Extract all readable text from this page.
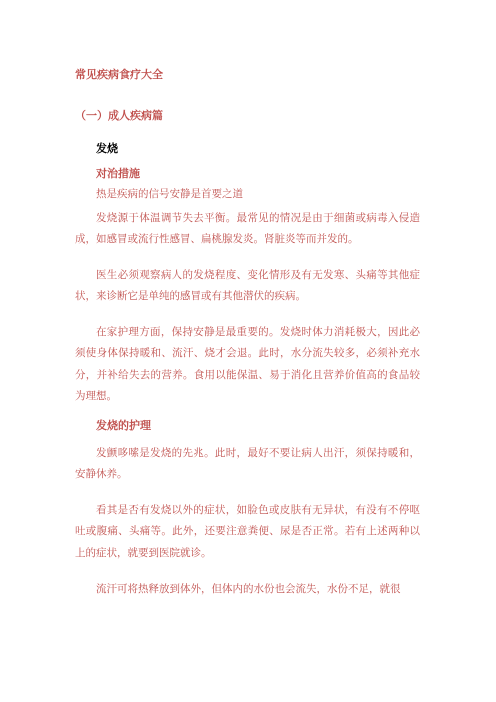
常见疾病食疗大全
（一）成人疾病篇
发烧
对治措施

热是疾病的信号安静是首要之道

发烧源于体温调节失去平衡。最常见的情况是由于细菌或病毒入侵造成，如感冒或流行性感冒、扁桃腺发炎。肾脏炎等而并发的。

医生必须观察病人的发烧程度、变化情形及有无发寒、头痛等其他症状，来诊断它是单纯的感冒或有其他潜伏的疾病。

在家护理方面，保持安静是最重要的。发烧时体力消耗极大，因此必须使身体保持暖和、流汗、烧才会退。此时，水分流失较多，必须补充水分，并补给失去的营养。食用以能保温、易于消化且营养价值高的食品较为理想。

发烧的护理

发颤哆嗦是发烧的先兆。此时，最好不要让病人出汗，须保持暖和，安静休养。

看其是否有发烧以外的症状，如脸色或皮肤有无异状，有没有不停呕吐或腹痛、头痛等。此外，还要注意粪便、尿是否正常。若有上述两种以上的症状，就要到医院就诊。

流汗可将热释放到体外，但体内的水份也会流失，水份不足，就很
